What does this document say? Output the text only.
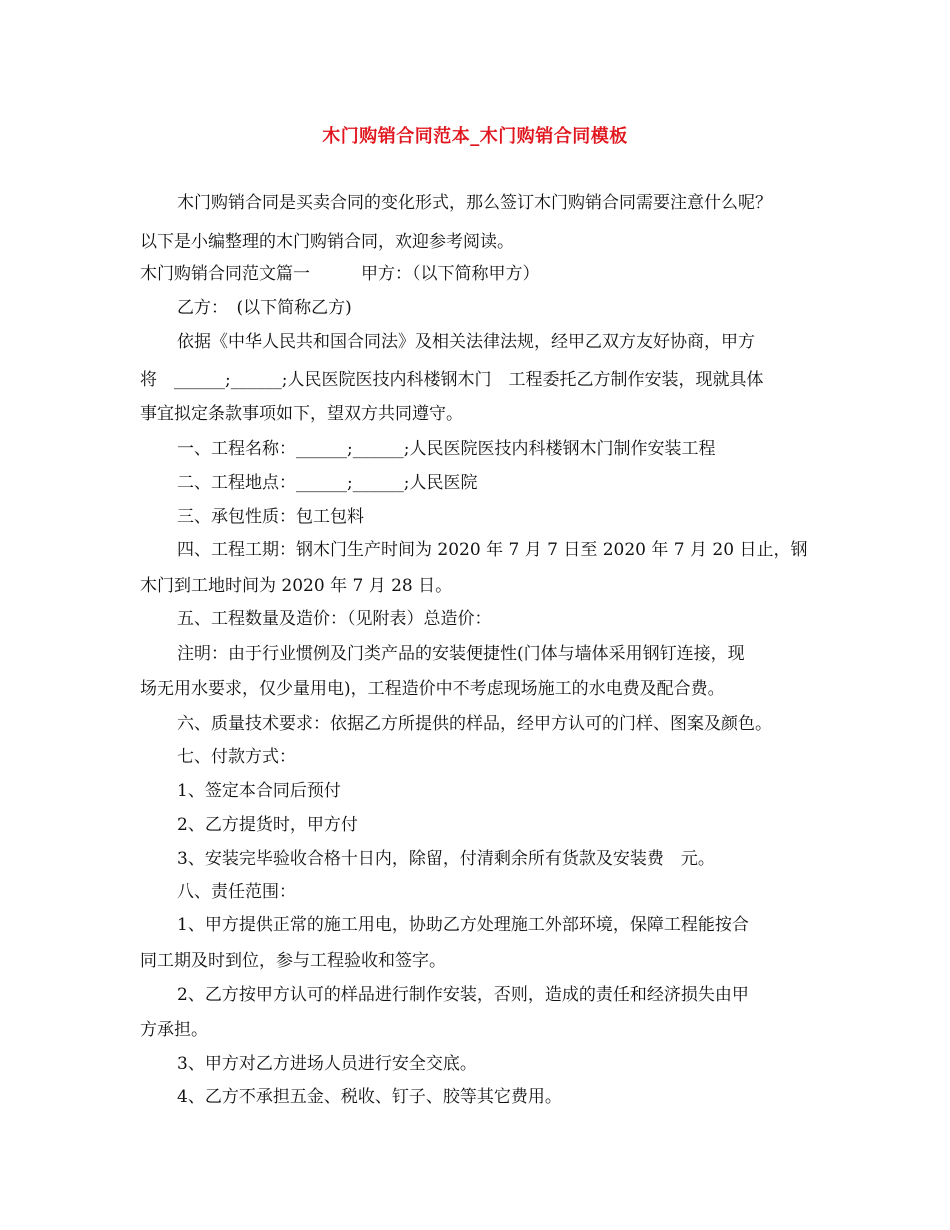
木门购销合同范本_木门购销合同模板
木门购销合同是买卖合同的变化形式，那么签订木门购销合同需要注意什么呢？
以下是小编整理的木门购销合同，欢迎参考阅读。
木门购销合同范文篇一　　　甲方：（以下简称甲方）
乙方：　(以下简称乙方)
依据《中华人民共和国合同法》及相关法律法规，经甲乙双方友好协商，甲方
将　______;______;人民医院医技内科楼钢木门　工程委托乙方制作安装，现就具体
事宜拟定条款事项如下，望双方共同遵守。
一、工程名称：______;______;人民医院医技内科楼钢木门制作安装工程
二、工程地点：______;______;人民医院
三、承包性质：包工包料
四、工程工期：钢木门生产时间为 2020 年 7 月 7 日至 2020 年 7 月 20 日止，钢
木门到工地时间为 2020 年 7 月 28 日。
五、工程数量及造价：（见附表）总造价：
注明：由于行业惯例及门类产品的安装便捷性(门体与墙体采用钢钉连接，现
场无用水要求，仅少量用电)，工程造价中不考虑现场施工的水电费及配合费。
六、质量技术要求：依据乙方所提供的样品，经甲方认可的门样、图案及颜色。
七、付款方式：
1、签定本合同后预付
2、乙方提货时，甲方付
3、安装完毕验收合格十日内，除留，付清剩余所有货款及安装费　元。
八、责任范围：
1、甲方提供正常的施工用电，协助乙方处理施工外部环境，保障工程能按合
同工期及时到位，参与工程验收和签字。
2、乙方按甲方认可的样品进行制作安装，否则，造成的责任和经济损失由甲
方承担。
3、甲方对乙方进场人员进行安全交底。
4、乙方不承担五金、税收、钉子、胶等其它费用。
